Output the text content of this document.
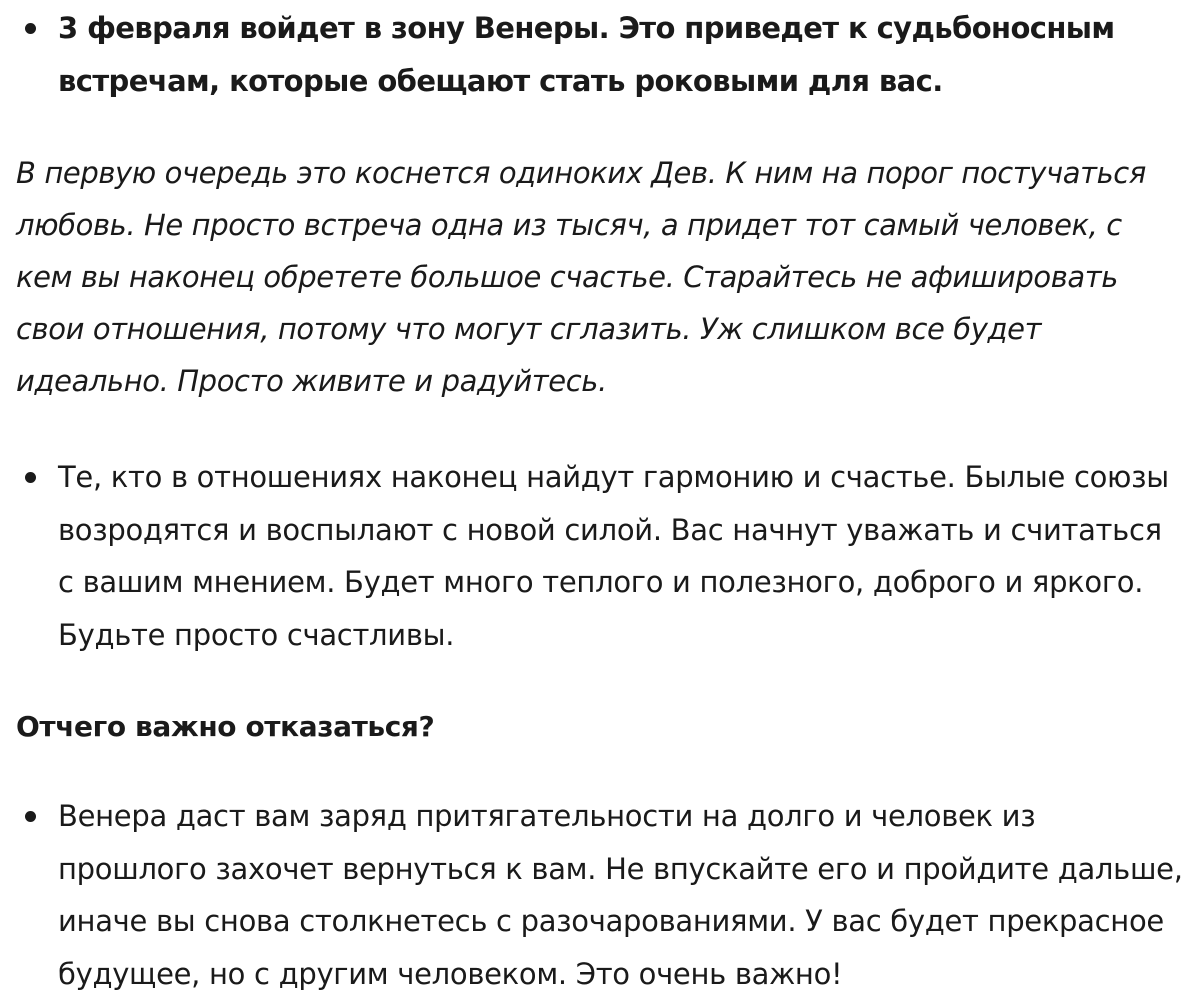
3 февраля войдет в зону Венеры. Это приведет к судьбоносным встречам, которые обещают стать роковыми для вас.

В первую очередь это коснется одиноких Дев. К ним на порог постучаться любовь. Не просто встреча одна из тысяч, а придет тот самый человек, с кем вы наконец обретете большое счастье. Старайтесь не афишировать свои отношения, потому что могут сглазить. Уж слишком все будет идеально. Просто живите и радуйтесь.

Те, кто в отношениях наконец найдут гармонию и счастье. Былые союзы возродятся и воспылают с новой силой. Вас начнут уважать и считаться с вашим мнением. Будет много теплого и полезного, доброго и яркого. Будьте просто счастливы.
Отчего важно отказаться?
Венера даст вам заряд притягательности на долго и человек из прошлого захочет вернуться к вам. Не впускайте его и пройдите дальше, иначе вы снова столкнетесь с разочарованиями. У вас будет прекрасное будущее, но с другим человеком. Это очень важно!
